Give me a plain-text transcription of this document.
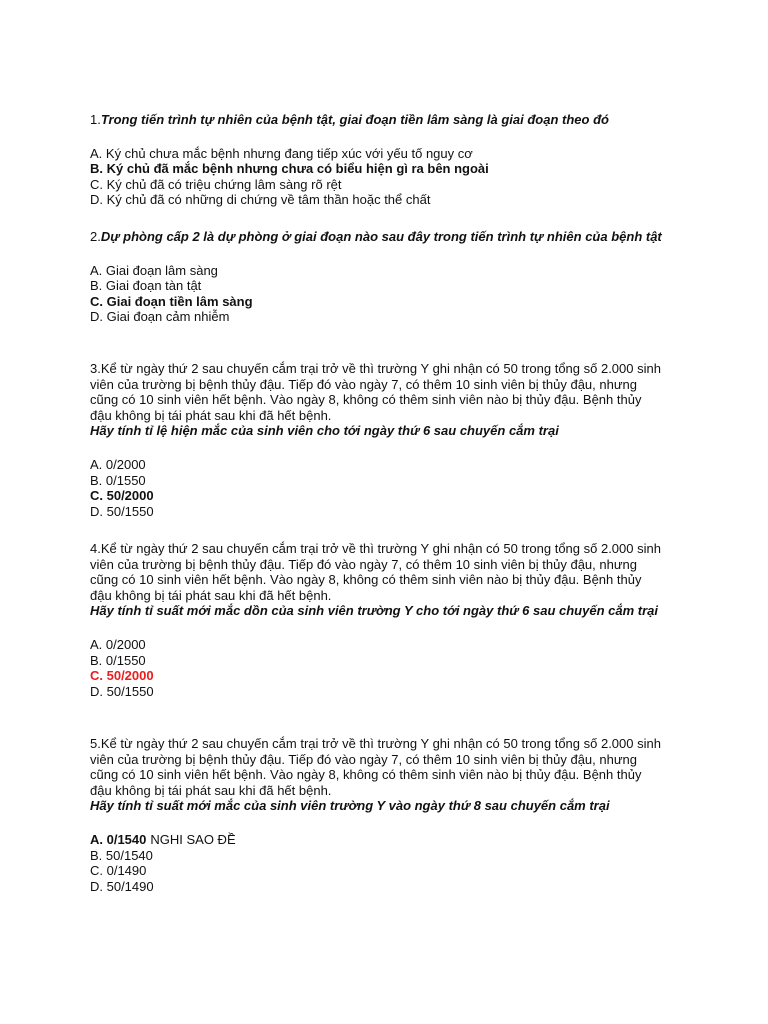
1.Trong tiến trình tự nhiên của bệnh tật, giai đoạn tiền lâm sàng là giai đoạn theo đó

A. Ký chủ chưa mắc bệnh nhưng đang tiếp xúc với yếu tố nguy cơ
B. Ký chủ đã mắc bệnh nhưng chưa có biểu hiện gì ra bên ngoài
C. Ký chủ đã có triệu chứng lâm sàng rõ rệt
D. Ký chủ đã có những di chứng về tâm thần hoặc thể chất

2.Dự phòng cấp 2 là dự phòng ở giai đoạn nào sau đây trong tiến trình tự nhiên của bệnh tật

A. Giai đoạn lâm sàng
B. Giai đoạn tàn tật
C. Giai đoạn tiền lâm sàng
D. Giai đoạn cảm nhiễm

3.Kể từ ngày thứ 2 sau chuyến cắm trại trở về thì trường Y ghi nhận có 50 trong tổng số 2.000 sinh viên của trường bị bệnh thủy đậu. Tiếp đó vào ngày 7, có thêm 10 sinh viên bị thủy đậu, nhưng cũng có 10 sinh viên hết bệnh. Vào ngày 8, không có thêm sinh viên nào bị thủy đậu. Bệnh thủy đậu không bị tái phát sau khi đã hết bệnh.

Hãy tính tỉ lệ hiện mắc của sinh viên cho tới ngày thứ 6 sau chuyến cắm trại

A. 0/2000
B. 0/1550
C. 50/2000
D. 50/1550

4.Kể từ ngày thứ 2 sau chuyến cắm trại trở về thì trường Y ghi nhận có 50 trong tổng số 2.000 sinh viên của trường bị bệnh thủy đậu. Tiếp đó vào ngày 7, có thêm 10 sinh viên bị thủy đậu, nhưng cũng có 10 sinh viên hết bệnh. Vào ngày 8, không có thêm sinh viên nào bị thủy đậu. Bệnh thủy đậu không bị tái phát sau khi đã hết bệnh.

Hãy tính tỉ suất mới mắc dồn của sinh viên trường Y cho tới ngày thứ 6 sau chuyến cắm trại

A. 0/2000
B. 0/1550
C. 50/2000
D. 50/1550

5.Kể từ ngày thứ 2 sau chuyến cắm trại trở về thì trường Y ghi nhận có 50 trong tổng số 2.000 sinh viên của trường bị bệnh thủy đậu. Tiếp đó vào ngày 7, có thêm 10 sinh viên bị thủy đậu, nhưng cũng có 10 sinh viên hết bệnh. Vào ngày 8, không có thêm sinh viên nào bị thủy đậu. Bệnh thủy đậu không bị tái phát sau khi đã hết bệnh.

Hãy tính tỉ suất mới mắc của sinh viên trường Y vào ngày thứ 8 sau chuyến cắm trại

A. 0/1540 NGHI SAO ĐỀ
B. 50/1540
C. 0/1490
D. 50/1490
